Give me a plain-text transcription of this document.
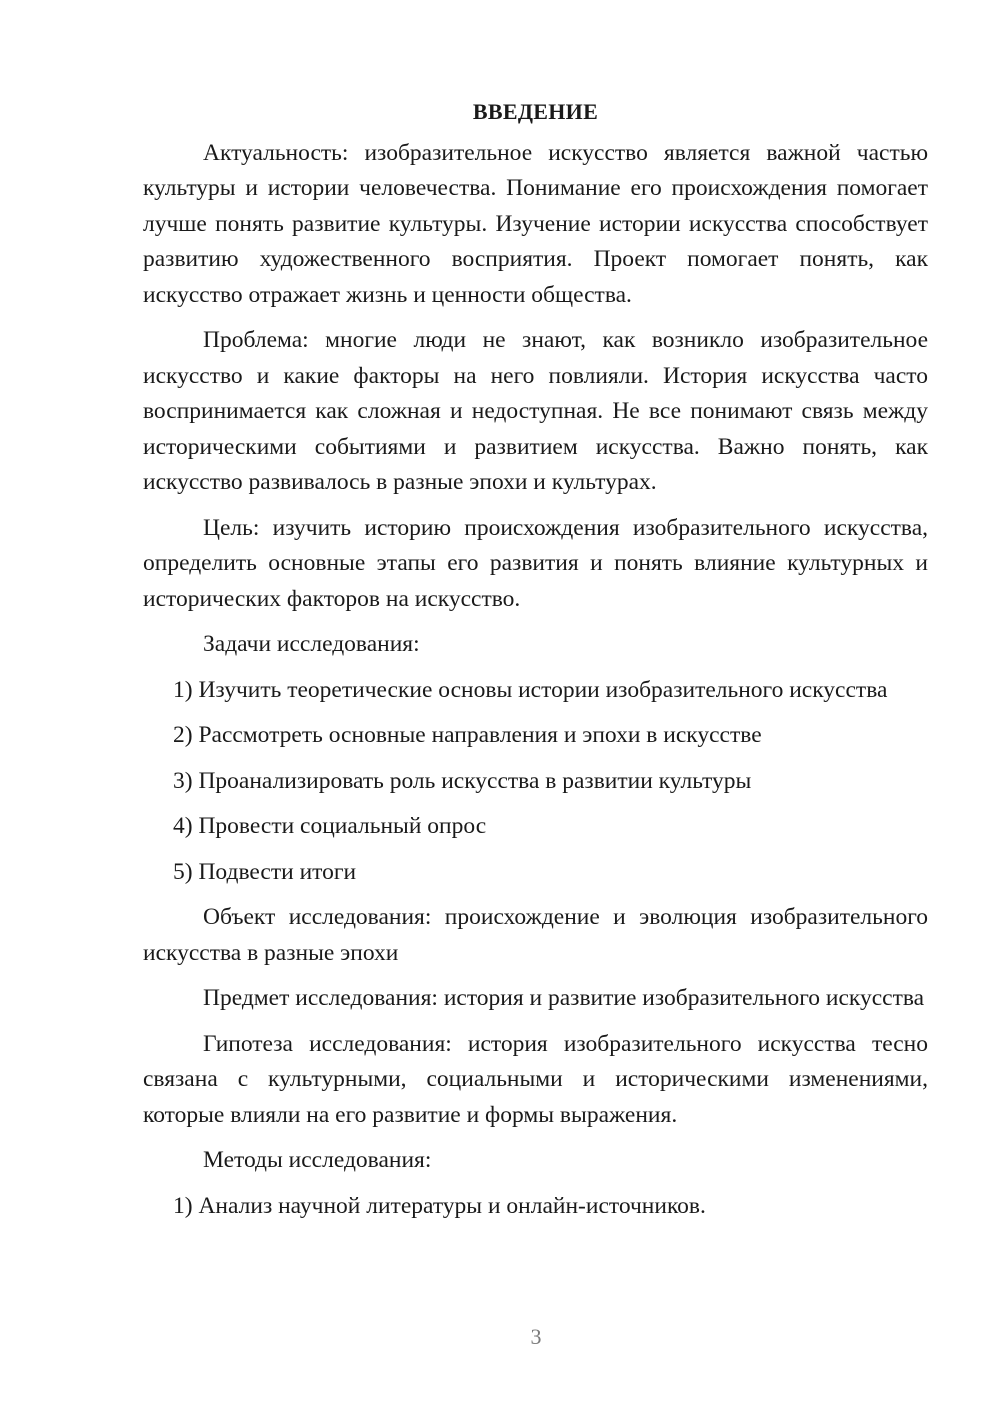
ВВЕДЕНИЕ
Актуальность: изобразительное искусство является важной частью культуры и истории человечества. Понимание его происхождения помогает лучше понять развитие культуры. Изучение истории искусства способствует развитию художественного восприятия. Проект помогает понять, как искусство отражает жизнь и ценности общества.
Проблема: многие люди не знают, как возникло изобразительное искусство и какие факторы на него повлияли. История искусства часто воспринимается как сложная и недоступная. Не все понимают связь между историческими событиями и развитием искусства. Важно понять, как искусство развивалось в разные эпохи и культурах.
Цель: изучить историю происхождения изобразительного искусства, определить основные этапы его развития и понять влияние культурных и исторических факторов на искусство.
Задачи исследования:
1) Изучить теоретические основы истории изобразительного искусства
2) Рассмотреть основные направления и эпохи в искусстве
3) Проанализировать роль искусства в развитии культуры
4) Провести социальный опрос
5) Подвести итоги
Объект исследования: происхождение и эволюция изобразительного искусства в разные эпохи
Предмет исследования: история и развитие изобразительного искусства
Гипотеза исследования: история изобразительного искусства тесно связана с культурными, социальными и историческими изменениями, которые влияли на его развитие и формы выражения.
Методы исследования:
1) Анализ научной литературы и онлайн-источников.
3
